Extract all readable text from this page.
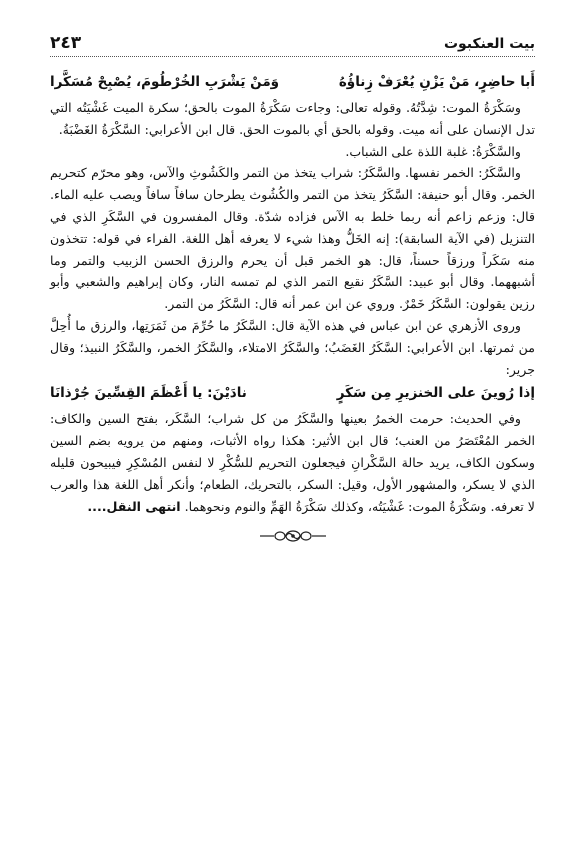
بيت العنكبوت
٢٤٣
أَبا حاضِرٍ، مَنْ يَزْنِ يُعْرَفْ زِناؤُهُ
وَمَنْ يَشْرَبِ الخُرْطُومَ، يُصْبِحْ مُسَكَّرا

وسَكْرَةُ الموت: شِدَّتُهُ. وقوله تعالى: وجاءت سَكْرَةُ الموت بالحق؛ سكرة الميت غَشْيَتُه التي تدل الإنسان على أنه ميت. وقوله بالحق أي بالموت الحق. قال ابن الأعرابي: السَّكْرَةُ الغَضْبَةُ.

والسَّكْرَةُ: غلبة اللذة على الشباب.

والسَّكَرُ: الخمر نفسها. والسَّكَرُ: شراب يتخذ من التمر والكَشُوثِ والآس، وهو محرّم كتحريم الخمر. وقال أبو حنيفة: السَّكَرُ يتخذ من التمر والكُشُوث يطرحان سافاً سافاً ويصب عليه الماء. قال: وزعم زاعم أنه ربما خلط به الآس فزاده شدّة. وقال المفسرون في السَّكَرِ الذي في التنزيل (في الآية السابقة): إنه الخَلُّ وهذا شيء لا يعرفه أهل اللغة. الفراء في قوله: تتخذون منه سَكَراً ورزقاً حسناً، قال: هو الخمر قبل أن يحرم والرزق الحسن الزبيب والتمر وما أشبههما. وقال أبو عبيد: السَّكَرُ نقيع التمر الذي لم تمسه النار، وكان إبراهيم والشعبي وأبو رزين يقولون: السَّكَرُ خَمْرٌ. وروي عن ابن عمر أنه قال: السَّكَرُ من التمر.

وروى الأزهري عن ابن عباس في هذه الآية قال: السَّكَرُ ما حُرِّمَ من ثَمَرَتِها، والرزق ما أُحِلَّ من ثمرتها. ابن الأعرابي: السَّكَرُ الغَضَبُ؛ والسَّكَرُ الامتلاء، والسَّكَرُ الخمر، والسَّكَرُ النبيذ؛ وقال جرير:

إذا رُوينَ على الخنزيرِ مِن سَكَرٍ
نادَيْنَ: يا أَعْظَمَ القِسِّينَ جُرْذانَا

وفي الحديث: حرمت الخمرُ بعينها والسَّكَرُ من كل شراب؛ السَّكَر، بفتح السين والكاف: الخمر المُعْتَصَرُ من العنب؛ قال ابن الأثير: هكذا رواه الأثبات، ومنهم من يرويه بضم السين وسكون الكاف، يريد حالة السَّكْرانِ فيجعلون التحريم للسُّكْرِ لا لنفس المُسْكِرِ فيبيحون قليله الذي لا يسكر، والمشهور الأول، وقيل: السكر، بالتحريك، الطعام؛ وأنكر أهل اللغة هذا والعرب لا تعرفه. وسَكْرَةُ الموت: غَشْيَتُه، وكذلك سَكْرَةُ الهَمِّ والنوم ونحوهما. انتهى النقل....
